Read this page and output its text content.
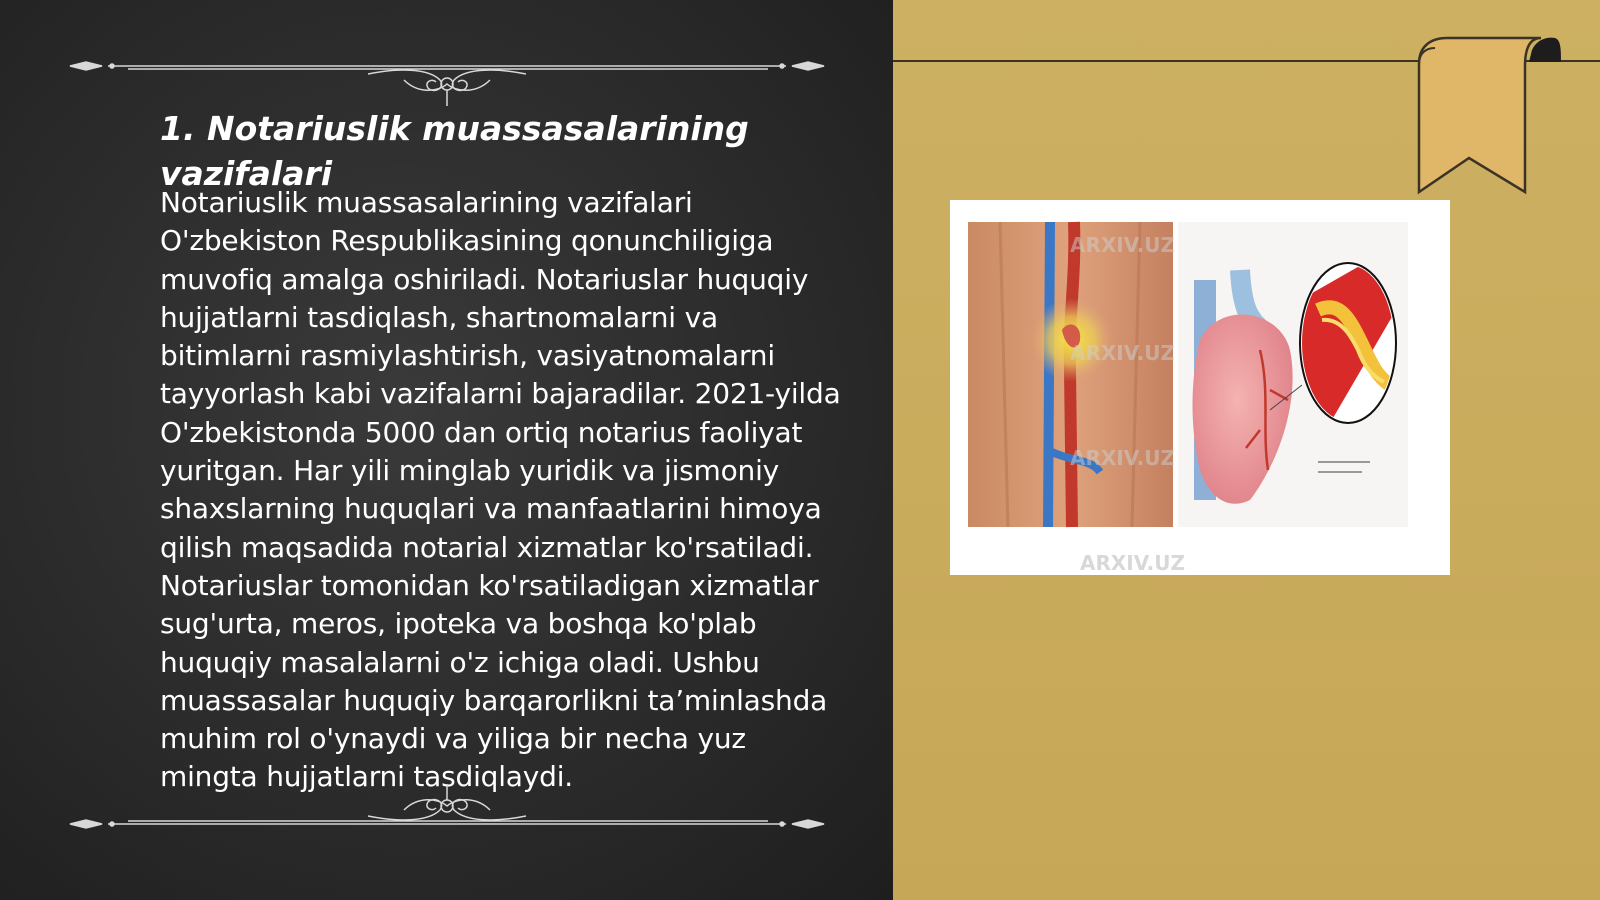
1. Notariuslik muassasalarining vazifalari

Notariuslik muassasalarining vazifalari O'zbekiston Respublikasining qonunchiligiga muvofiq amalga oshiriladi. Notariuslar huquqiy hujjatlarni tasdiqlash, shartnomalarni va bitimlarni rasmiylashtirish, vasiyatnomalarni tayyorlash kabi vazifalarni bajaradilar. 2021-yilda O'zbekistonda 5000 dan ortiq notarius faoliyat yuritgan. Har yili minglab yuridik va jismoniy shaxslarning huquqlari va manfaatlarini himoya qilish maqsadida notarial xizmatlar ko'rsatiladi. Notariuslar tomonidan ko'rsatiladigan xizmatlar sug'urta, meros, ipoteka va boshqa ko'plab huquqiy masalalarni o'z ichiga oladi. Ushbu muassasalar huquqiy barqarorlikni ta’minlashda muhim rol o'ynaydi va yiliga bir necha yuz mingta hujjatlarni tasdiqlaydi.

ARXIV.UZ
ARXIV.UZ
ARXIV.UZ
ARXIV.UZ
